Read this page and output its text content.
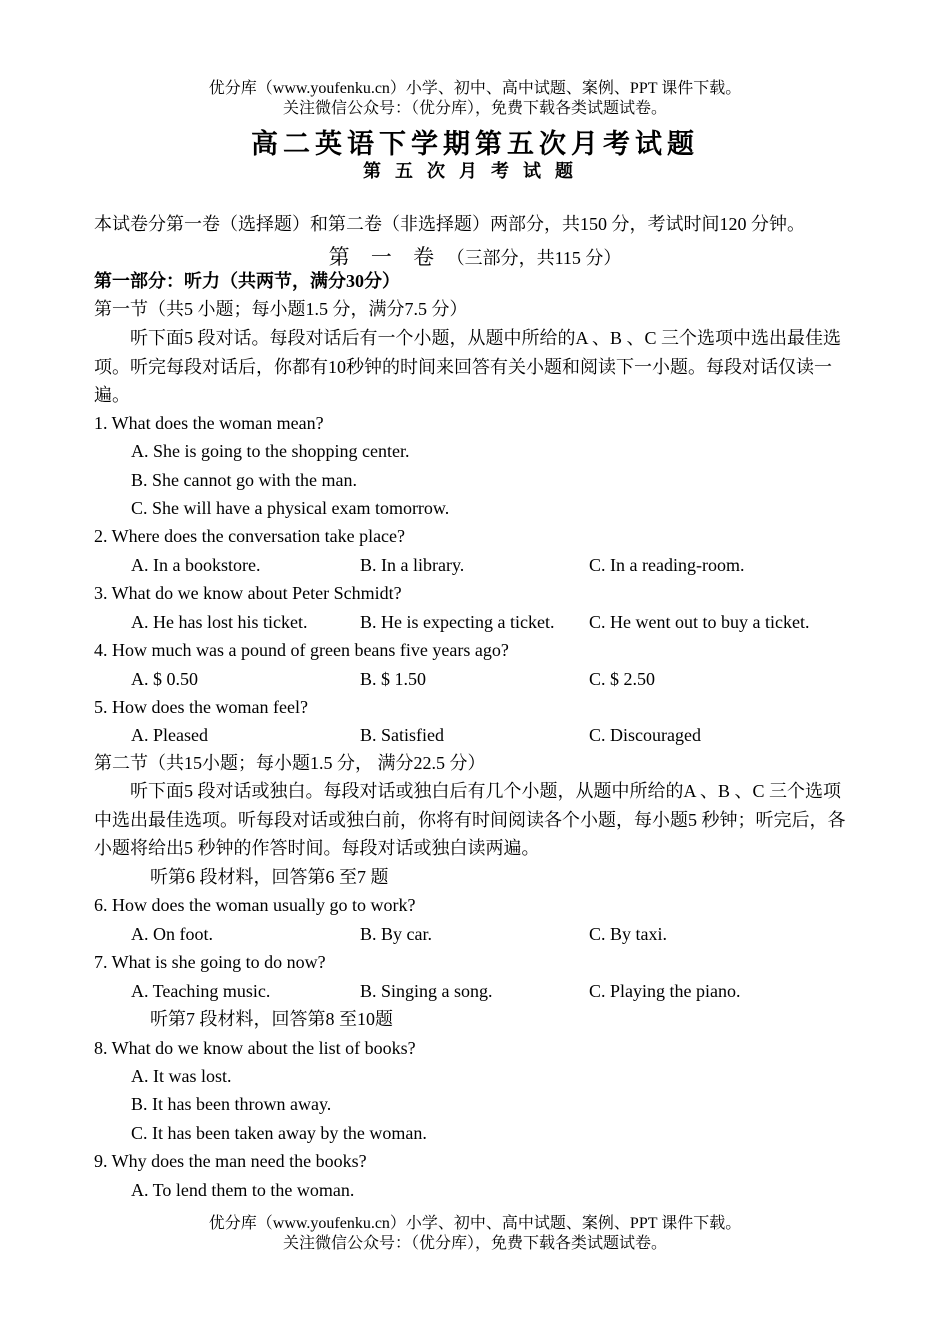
优分库（www.youfenku.cn）小学、初中、高中试题、案例、PPT 课件下载。
关注微信公众号：（优分库），免费下载各类试题试卷。
高二英语下学期第五次月考试题
第五次月考试题
本试卷分第一卷（选择题）和第二卷（非选择题）两部分，共150 分，考试时间120 分钟。
第 一 卷 （三部分，共115 分）
第一部分：听力（共两节，满分30分）
第一节（共5 小题；每小题1.5 分，满分7.5 分）
听下面5 段对话。每段对话后有一个小题，从题中所给的A 、B 、C 三个选项中选出最佳选项。听完每段对话后，你都有10秒钟的时间来回答有关小题和阅读下一小题。每段对话仅读一遍。
1. What does the woman mean?
A. She is going to the shopping center.
B. She cannot go with the man.
C. She will have a physical exam tomorrow.
2. Where does the conversation take place?
A. In a bookstore.	B. In a library.	C. In a reading-room.
3. What do we know about Peter Schmidt?
A. He has lost his ticket.	B. He is expecting a ticket. C. He went out to buy a ticket.
4. How much was a pound of green beans five years ago?
A. $ 0.50	B. $ 1.50	C. $ 2.50
5. How does the woman feel?
A. Pleased	B. Satisfied	C. Discouraged
第二节（共15小题；每小题1.5 分， 满分22.5 分）
听下面5 段对话或独白。每段对话或独白后有几个小题，从题中所给的A 、B 、C 三个选项中选出最佳选项。听每段对话或独白前，你将有时间阅读各个小题，每小题5 秒钟；听完后，各小题将给出5 秒钟的作答时间。每段对话或独白读两遍。
听第6 段材料，回答第6 至7 题
6. How does the woman usually go to work?
A. On foot.	B. By car.	C. By taxi.
7. What is she going to do now?
A. Teaching music.	B. Singing a song.	C. Playing the piano.
听第7 段材料，回答第8 至10题
8. What do we know about the list of books?
A. It was lost.
B. It has been thrown away.
C. It has been taken away by the woman.
9. Why does the man need the books?
A. To lend them to the woman.
优分库（www.youfenku.cn）小学、初中、高中试题、案例、PPT 课件下载。
关注微信公众号：（优分库），免费下载各类试题试卷。
